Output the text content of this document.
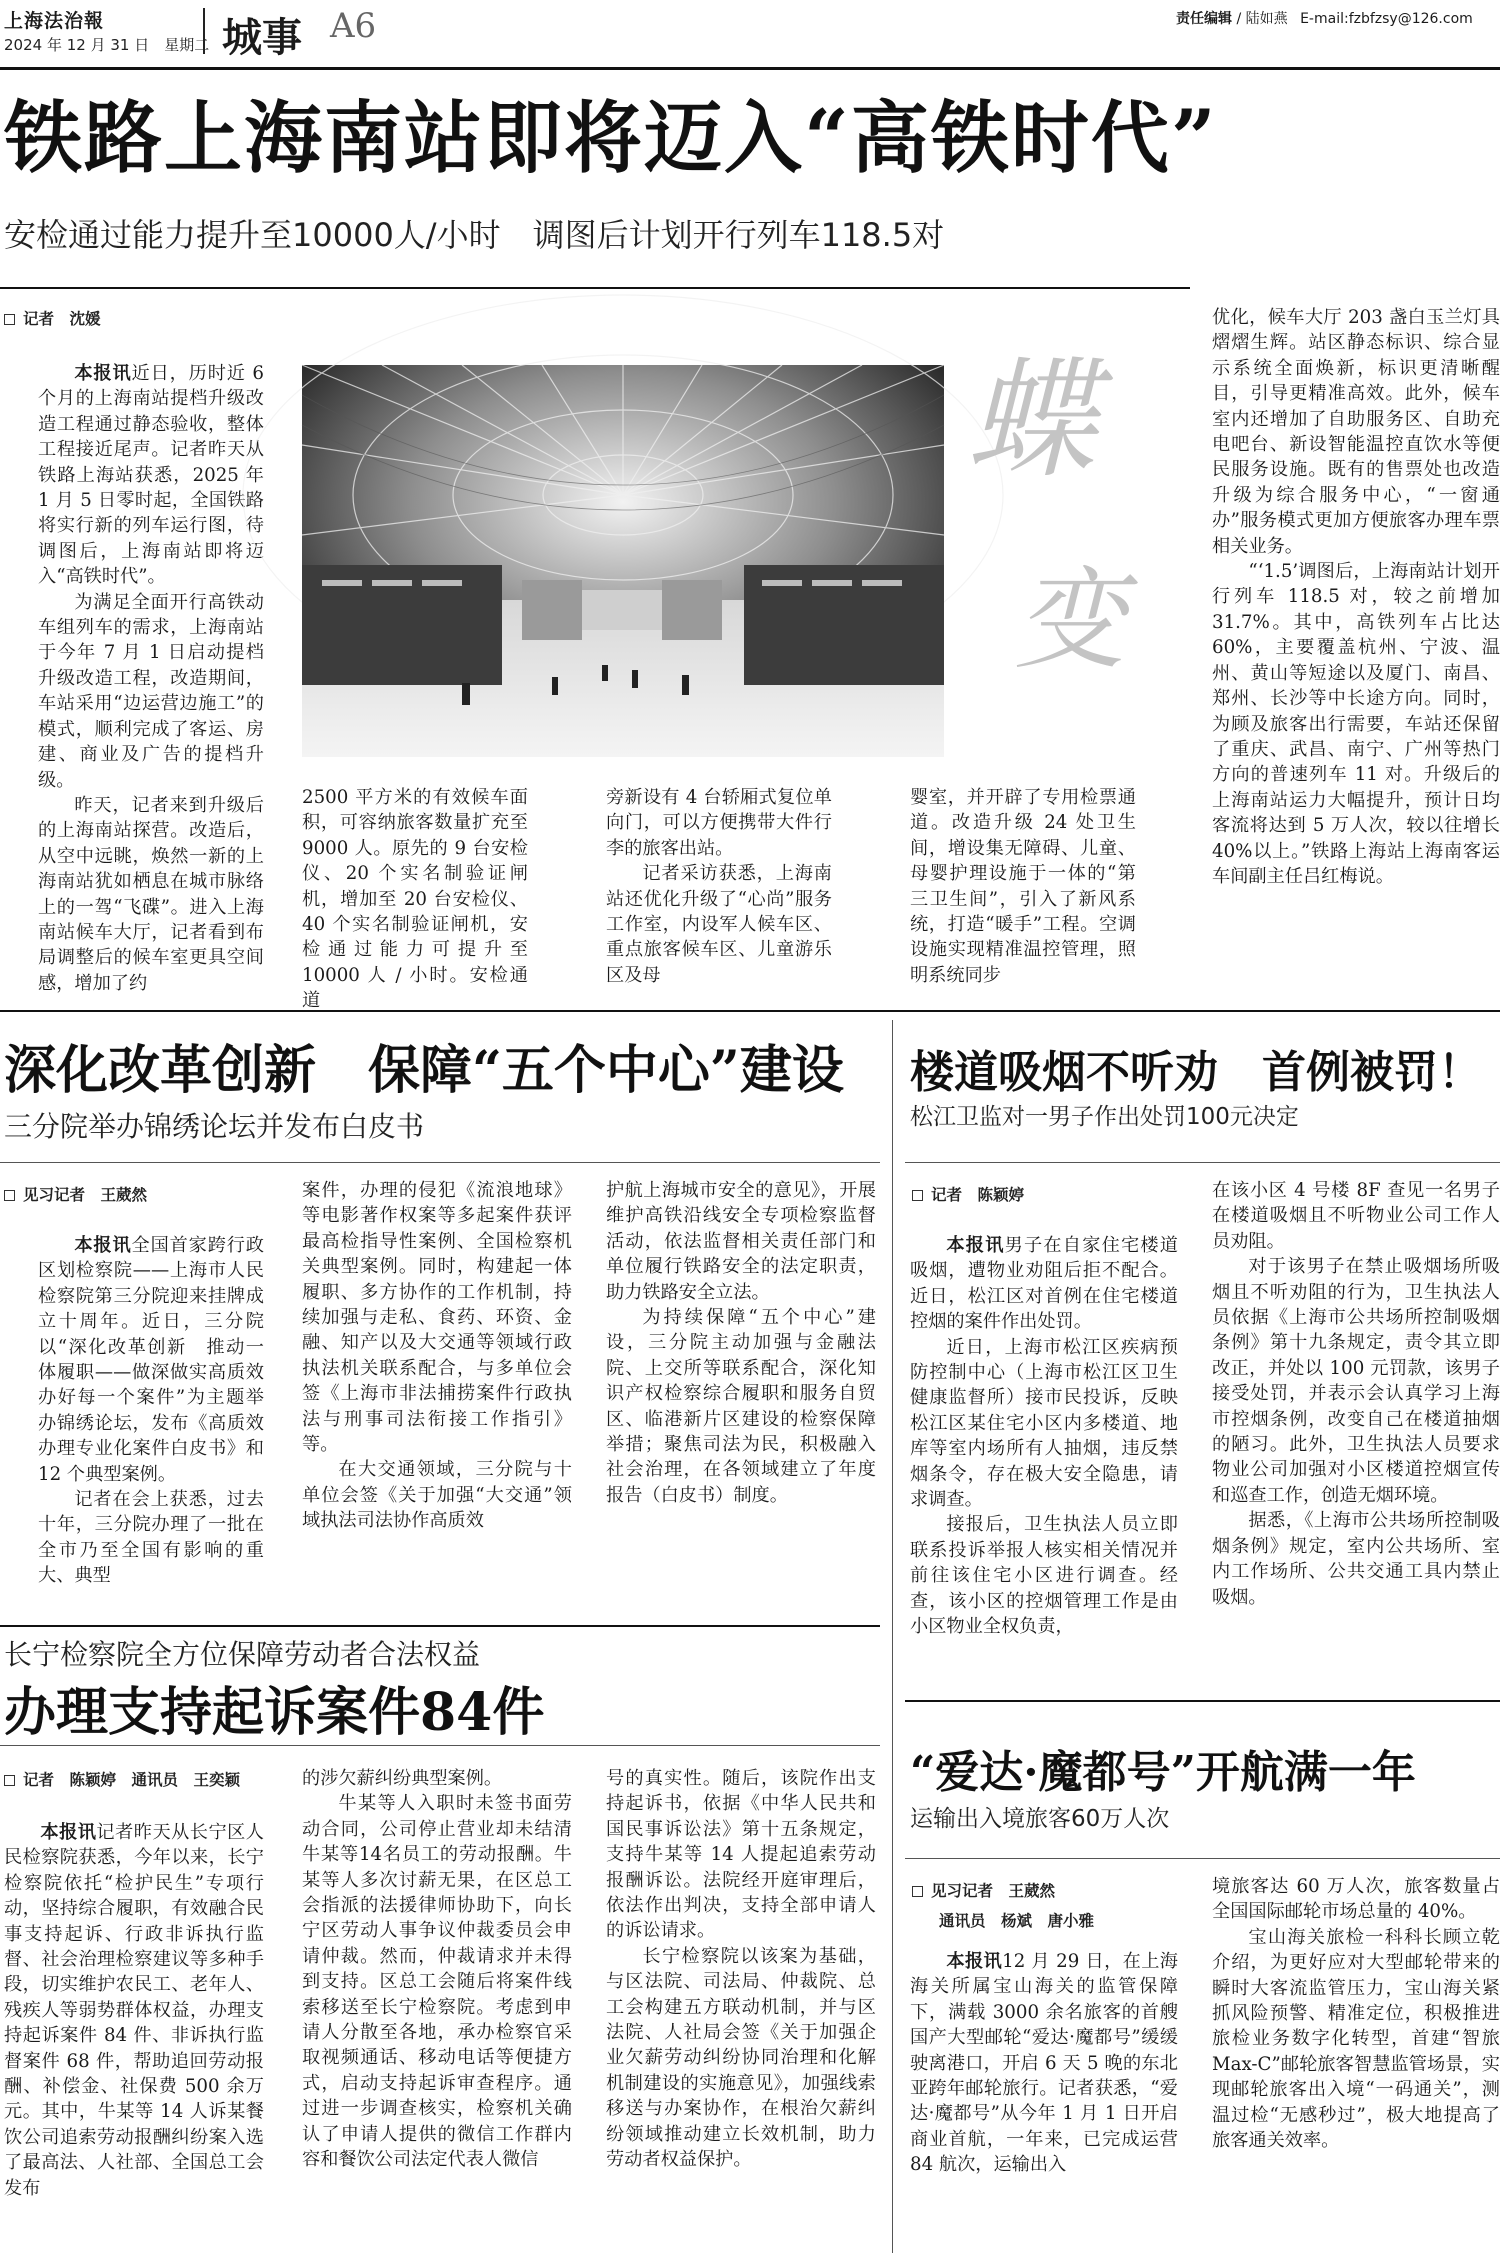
上海法治報
2024 年 12 月 31 日　星期二 城事 A6	责任编辑 / 陆如燕 E-mail:fzbfzsy@126.com
铁路上海南站即将迈入“高铁时代”
安检通过能力提升至10000人/小时　调图后计划开行列车118.5对
记者　沈媛

本报讯近日，历时近 6 个月的上海南站提档升级改造工程通过静态验收，整体工程接近尾声。记者昨天从铁路上海站获悉，2025 年 1 月 5 日零时起，全国铁路将实行新的列车运行图，待调图后，上海南站即将迈入“高铁时代”。

为满足全面开行高铁动车组列车的需求，上海南站于今年 7 月 1 日启动提档升级改造工程，改造期间，车站采用“边运营边施工”的模式，顺利完成了客运、房建、商业及广告的提档升级。

昨天，记者来到升级后的上海南站探营。改造后，从空中远眺，焕然一新的上海南站犹如栖息在城市脉络上的一驾“飞碟”。进入上海南站候车大厅，记者看到布局调整后的候车室更具空间感，增加了约

蝶
变

2500 平方米的有效候车面积，可容纳旅客数量扩充至 9000 人。原先的 9 台安检仪、20 个实名制验证闸机，增加至 20 台安检仪、40 个实名制验证闸机，安检通过能力可提升至 10000 人 / 小时。安检通道

旁新设有 4 台轿厢式复位单向门，可以方便携带大件行李的旅客出站。

记者采访获悉，上海南站还优化升级了“心尚”服务工作室，内设军人候车区、重点旅客候车区、儿童游乐区及母

婴室，并开辟了专用检票通道。改造升级 24 处卫生间，增设集无障碍、儿童、母婴护理设施于一体的“第三卫生间”，引入了新风系统，打造“暖手”工程。空调设施实现精准温控管理，照明系统同步

优化，候车大厅 203 盏白玉兰灯具熠熠生辉。站区静态标识、综合显示系统全面焕新，标识更清晰醒目，引导更精准高效。此外，候车室内还增加了自助服务区、自助充电吧台、新设智能温控直饮水等便民服务设施。既有的售票处也改造升级为综合服务中心，“一窗通办”服务模式更加方便旅客办理车票相关业务。

“‘1.5’调图后，上海南站计划开行列车 118.5 对，较之前增加 31.7%。其中，高铁列车占比达 60%，主要覆盖杭州、宁波、温州、黄山等短途以及厦门、南昌、郑州、长沙等中长途方向。同时，为顾及旅客出行需要，车站还保留了重庆、武昌、南宁、广州等热门方向的普速列车 11 对。升级后的上海南站运力大幅提升，预计日均客流将达到 5 万人次，较以往增长 40%以上。”铁路上海站上海南客运车间副主任吕红梅说。

深化改革创新　保障“五个中心”建设
三分院举办锦绣论坛并发布白皮书
见习记者　王葳然

本报讯全国首家跨行政区划检察院——上海市人民检察院第三分院迎来挂牌成立十周年。近日，三分院以“深化改革创新　推动一体履职——做深做实高质效办好每一个案件”为主题举办锦绣论坛，发布《高质效办理专业化案件白皮书》和 12 个典型案例。

记者在会上获悉，过去十年，三分院办理了一批在全市乃至全国有影响的重大、典型

案件，办理的侵犯《流浪地球》等电影著作权案等多起案件获评最高检指导性案例、全国检察机关典型案例。同时，构建起一体履职、多方协作的工作机制，持续加强与走私、食药、环资、金融、知产以及大交通等领域行政执法机关联系配合，与多单位会签《上海市非法捕捞案件行政执法与刑事司法衔接工作指引》等。

在大交通领域，三分院与十单位会签《关于加强“大交通”领域执法司法协作高质效

护航上海城市安全的意见》，开展维护高铁沿线安全专项检察监督活动，依法监督相关责任部门和单位履行铁路安全的法定职责，助力铁路安全立法。

为持续保障“五个中心”建设，三分院主动加强与金融法院、上交所等联系配合，深化知识产权检察综合履职和服务自贸区、临港新片区建设的检察保障举措；聚焦司法为民，积极融入社会治理，在各领域建立了年度报告（白皮书）制度。

楼道吸烟不听劝　首例被罚！
松江卫监对一男子作出处罚100元决定
记者　陈颖婷

本报讯男子在自家住宅楼道吸烟，遭物业劝阻后拒不配合。近日，松江区对首例在住宅楼道控烟的案件作出处罚。

近日，上海市松江区疾病预防控制中心（上海市松江区卫生健康监督所）接市民投诉，反映松江区某住宅小区内多楼道、地库等室内场所有人抽烟，违反禁烟条令，存在极大安全隐患，请求调查。

接报后，卫生执法人员立即联系投诉举报人核实相关情况并前往该住宅小区进行调查。经查，该小区的控烟管理工作是由小区物业全权负责，

在该小区 4 号楼 8F 查见一名男子在楼道吸烟且不听物业公司工作人员劝阻。

对于该男子在禁止吸烟场所吸烟且不听劝阻的行为，卫生执法人员依据《上海市公共场所控制吸烟条例》第十九条规定，责令其立即改正，并处以 100 元罚款，该男子接受处罚，并表示会认真学习上海市控烟条例，改变自己在楼道抽烟的陋习。此外，卫生执法人员要求物业公司加强对小区楼道控烟宣传和巡查工作，创造无烟环境。

据悉，《上海市公共场所控制吸烟条例》规定，室内公共场所、室内工作场所、公共交通工具内禁止吸烟。

长宁检察院全方位保障劳动者合法权益
办理支持起诉案件84件
记者　陈颖婷　通讯员　王奕颖

本报讯记者昨天从长宁区人民检察院获悉，今年以来，长宁检察院依托“检护民生”专项行动，坚持综合履职，有效融合民事支持起诉、行政非诉执行监督、社会治理检察建议等多种手段，切实维护农民工、老年人、残疾人等弱势群体权益，办理支持起诉案件 84 件、非诉执行监督案件 68 件，帮助追回劳动报酬、补偿金、社保费 500 余万元。其中，牛某等 14 人诉某餐饮公司追索劳动报酬纠纷案入选了最高法、人社部、全国总工会发布

的涉欠薪纠纷典型案例。

牛某等人入职时未签书面劳动合同，公司停止营业却未结清牛某等14名员工的劳动报酬。牛某等人多次讨薪无果，在区总工会指派的法援律师协助下，向长宁区劳动人事争议仲裁委员会申请仲裁。然而，仲裁请求并未得到支持。区总工会随后将案件线索移送至长宁检察院。考虑到申请人分散至各地，承办检察官采取视频通话、移动电话等便捷方式，启动支持起诉审查程序。通过进一步调查核实，检察机关确认了申请人提供的微信工作群内容和餐饮公司法定代表人微信

号的真实性。随后，该院作出支持起诉书，依据《中华人民共和国民事诉讼法》第十五条规定，支持牛某等 14 人提起追索劳动报酬诉讼。法院经开庭审理后，依法作出判决，支持全部申请人的诉讼请求。

长宁检察院以该案为基础，与区法院、司法局、仲裁院、总工会构建五方联动机制，并与区法院、人社局会签《关于加强企业欠薪劳动纠纷协同治理和化解机制建设的实施意见》，加强线索移送与办案协作，在根治欠薪纠纷领域推动建立长效机制，助力劳动者权益保护。

“爱达·魔都号”开航满一年
运输出入境旅客60万人次
见习记者　王葳然
通讯员　杨斌　唐小雅

本报讯12 月 29 日，在上海海关所属宝山海关的监管保障下，满载 3000 余名旅客的首艘国产大型邮轮“爱达·魔都号”缓缓驶离港口，开启 6 天 5 晚的东北亚跨年邮轮旅行。记者获悉，“爱达·魔都号”从今年 1 月 1 日开启商业首航，一年来，已完成运营 84 航次，运输出入

境旅客达 60 万人次，旅客数量占全国国际邮轮市场总量的 40%。

宝山海关旅检一科科长顾立乾介绍，为更好应对大型邮轮带来的瞬时大客流监管压力，宝山海关紧抓风险预警、精准定位，积极推进旅检业务数字化转型，首建“智旅 Max-C”邮轮旅客智慧监管场景，实现邮轮旅客出入境“一码通关”，测温过检“无感秒过”，极大地提高了旅客通关效率。
